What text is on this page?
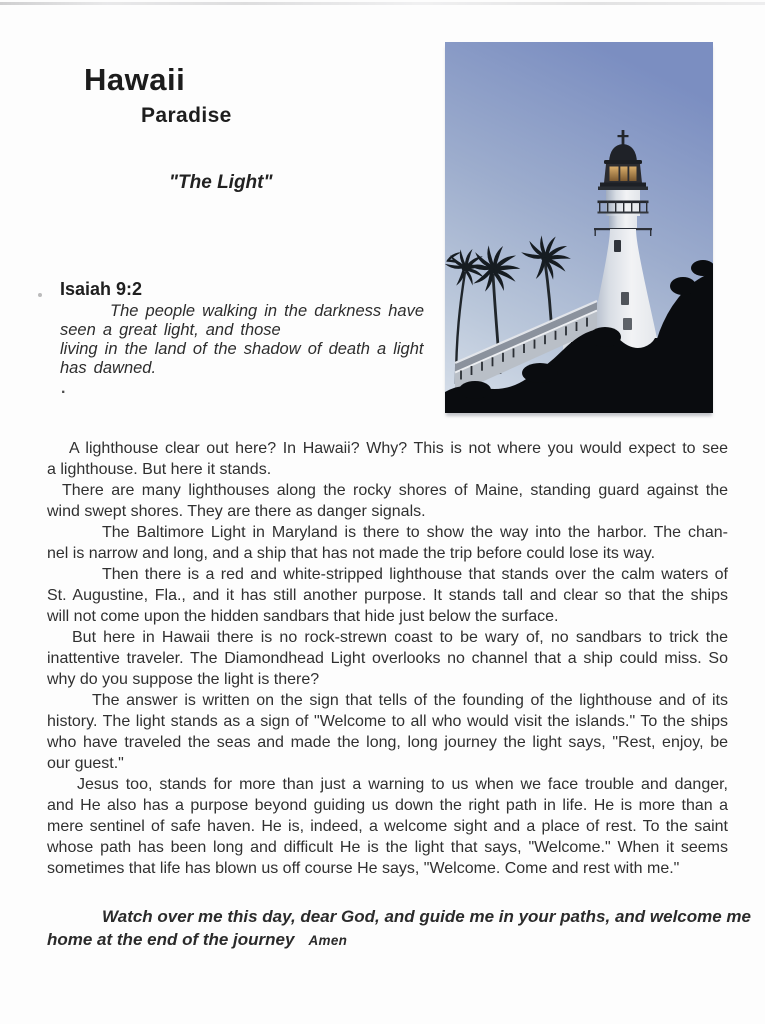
Hawaii
Paradise
"The Light"
Isaiah 9:2
The people walking in the darkness have
seen a great light, and those
living in the land of the shadow of death a light
has dawned.
.
A lighthouse clear out here? In Hawaii? Why? This is not where you would expect to see
a lighthouse. But here it stands.
There are many lighthouses along the rocky shores of Maine, standing guard against the
wind swept shores. They are there as danger signals.
The Baltimore Light in Maryland is there to show the way into the harbor. The chan-
nel is narrow and long, and a ship that has not made the trip before could lose its way.
Then there is a red and white-stripped lighthouse that stands over the calm waters of
St. Augustine, Fla., and it has still another purpose. It stands tall and clear so that the ships
will not come upon the hidden sandbars that hide just below the surface.
But here in Hawaii there is no rock-strewn coast to be wary of, no sandbars to trick the
inattentive traveler. The Diamondhead Light overlooks no channel that a ship could miss. So
why do you suppose the light is there?
The answer is written on the sign that tells of the founding of the lighthouse and of its
history. The light stands as a sign of "Welcome to all who would visit the islands." To the ships
who have traveled the seas and made the long, long journey the light says, "Rest, enjoy, be
our guest."
Jesus too, stands for more than just a warning to us when we face trouble and danger,
and He also has a purpose beyond guiding us down the right path in life. He is more than a
mere sentinel of safe haven. He is, indeed, a welcome sight and a place of rest. To the saint
whose path has been long and difficult He is the light that says, "Welcome." When it seems
sometimes that life has blown us off course He says, "Welcome. Come and rest with me."
Watch over me this day, dear God, and guide me in your paths, and welcome me
home at the end of the journey Amen
